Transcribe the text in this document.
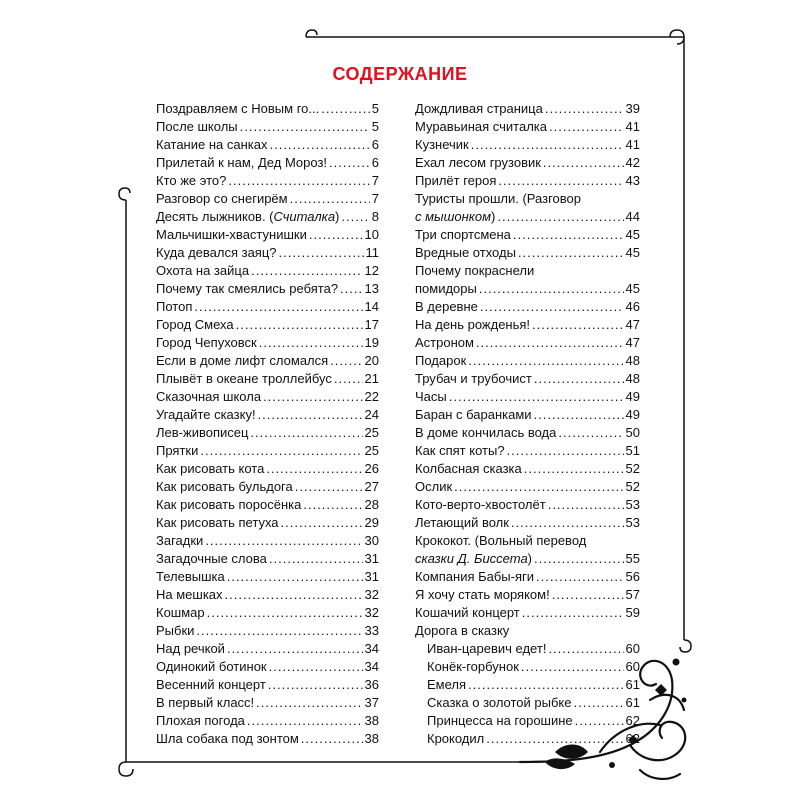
СОДЕРЖАНИЕ
Поздравляем с Новым го... .....	5
После школы .....	5
Катание на санках .....	6
Прилетай к нам, Дед Мороз! .....	6
Кто же это? .....	7
Разговор со снегирём .....	7
Десять лыжников. (Считалка) ..... 8
Мальчишки-хвастунишки .....	10
Куда девался заяц? .....	11
Охота на зайца .....	12
Почему так смеялись ребята? ..... 13
Потоп .....	14
Город Смеха .....	17
Город Чепуховск .....	19
Если в доме лифт сломался .....	20
Плывёт в океане троллейбус .....	21
Сказочная школа .....	22
Угадайте сказку! .....	24
Лев-живописец .....	25
Прятки .....	25
Как рисовать кота .....	26
Как рисовать бульдога .....	27
Как рисовать поросёнка .....	28
Как рисовать петуха .....	29
Загадки .....	30
Загадочные слова .....	31
Телевышка .....	31
На мешках .....	32
Кошмар .....	32
Рыбки .....	33
Над речкой .....	34
Одинокий ботинок .....	34
Весенний концерт .....	36
В первый класс! .....	37
Плохая погода .....	38
Шла собака под зонтом .....	38
Дождливая страница .....	39
Муравьиная считалка .....	41
Кузнечик .....	41
Ехал лесом грузовик .....	42
Прилёт героя .....	43
Туристы прошли. (Разговор
с мышонком) .....	44
Три спортсмена .....	45
Вредные отходы .....	45
Почему покраснели
помидоры .....	45
В деревне .....	46
На день рожденья! .....	47
Астроном .....	47
Подарок .....	48
Трубач и трубочист .....	48
Часы .....	49
Баран с баранками .....	49
В доме кончилась вода .....	50
Как спят коты? .....	51
Колбасная сказка .....	52
Ослик .....	52
Кото-верто-хвостолёт .....	53
Летающий волк .....	53
Крококот. (Вольный перевод
сказки Д. Биссета) .....	55
Компания Бабы-яги .....	56
Я хочу стать моряком! .....	57
Кошачий концерт .....	59
Дорога в сказку
Иван-царевич едет! .....	60
Конёк-горбунок .....	60
Емеля .....	61
Сказка о золотой рыбке .....	61
Принцесса на горошине .....	62
Крокодил .....	62
